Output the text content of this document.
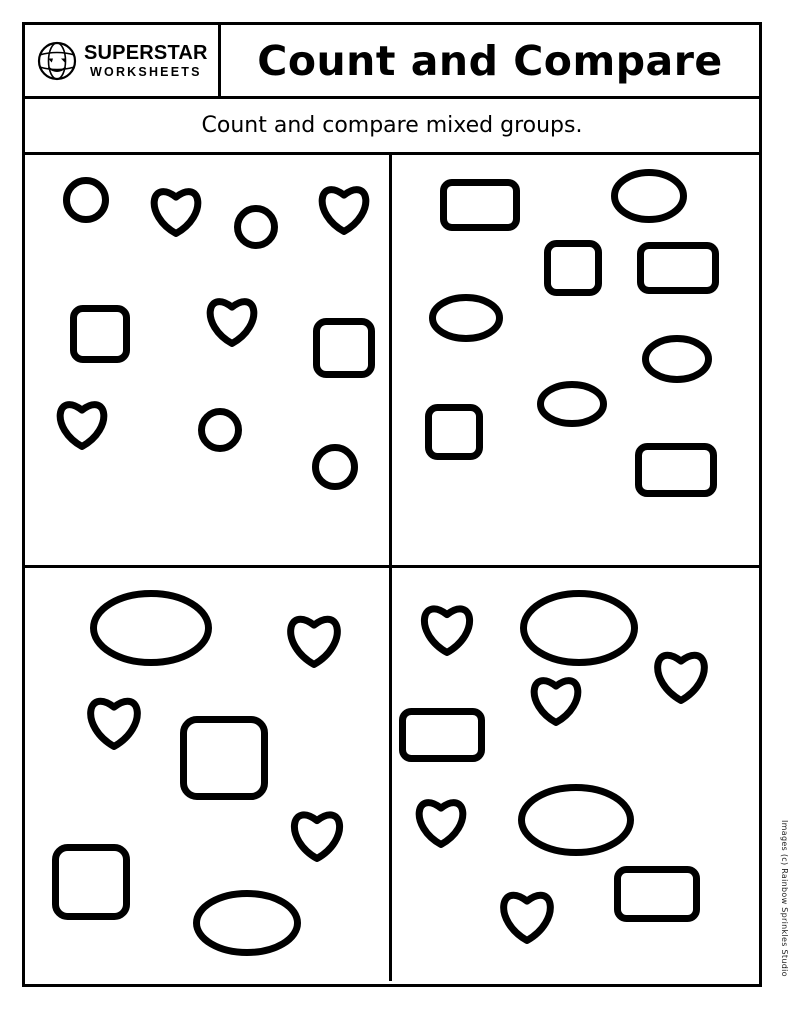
SUPERSTAR
WORKSHEETS	Count and Compare
Count and compare mixed groups.
Images (c) Rainbow Sprinkles Studio
